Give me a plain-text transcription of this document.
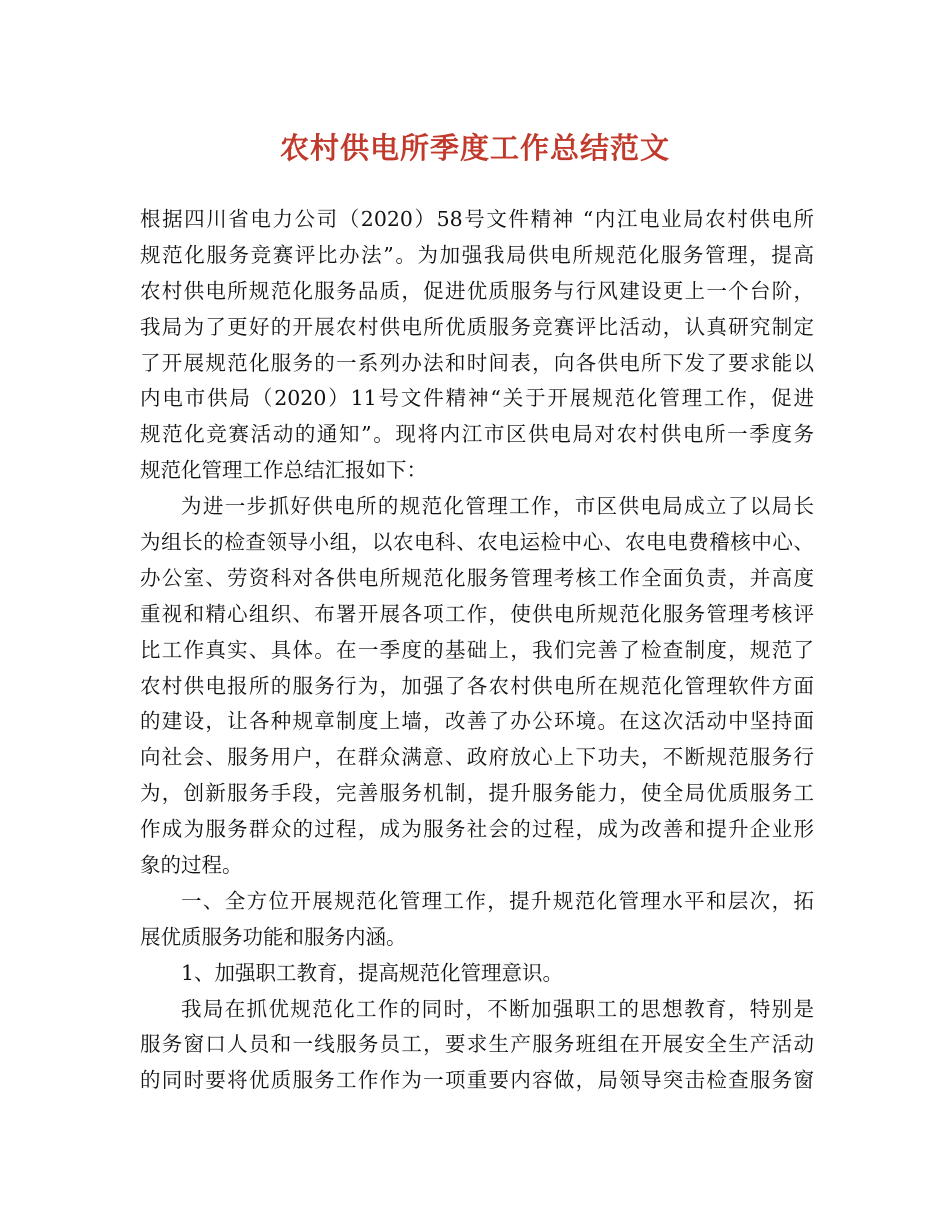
农村供电所季度工作总结范文
根据四川省电力公司（2020）58号文件精神 “内江电业局农村供电所
规范化服务竞赛评比办法”。为加强我局供电所规范化服务管理，提高
农村供电所规范化服务品质，促进优质服务与行风建设更上一个台阶，
我局为了更好的开展农村供电所优质服务竞赛评比活动，认真研究制定
了开展规范化服务的一系列办法和时间表，向各供电所下发了要求能以
内电市供局（2020）11号文件精神“关于开展规范化管理工作，促进
规范化竞赛活动的通知”。现将内江市区供电局对农村供电所一季度务
规范化管理工作总结汇报如下：
为进一步抓好供电所的规范化管理工作，市区供电局成立了以局长
为组长的检查领导小组，以农电科、农电运检中心、农电电费稽核中心、
办公室、劳资科对各供电所规范化服务管理考核工作全面负责，并高度
重视和精心组织、布署开展各项工作，使供电所规范化服务管理考核评
比工作真实、具体。在一季度的基础上，我们完善了检查制度，规范了
农村供电报所的服务行为，加强了各农村供电所在规范化管理软件方面
的建设，让各种规章制度上墙，改善了办公环境。在这次活动中坚持面
向社会、服务用户，在群众满意、政府放心上下功夫，不断规范服务行
为，创新服务手段，完善服务机制，提升服务能力，使全局优质服务工
作成为服务群众的过程，成为服务社会的过程，成为改善和提升企业形
象的过程。
一、全方位开展规范化管理工作，提升规范化管理水平和层次，拓
展优质服务功能和服务内涵。
1、加强职工教育，提高规范化管理意识。
我局在抓优规范化工作的同时，不断加强职工的思想教育，特别是
服务窗口人员和一线服务员工，要求生产服务班组在开展安全生产活动
的同时要将优质服务工作作为一项重要内容做，局领导突击检查服务窗
